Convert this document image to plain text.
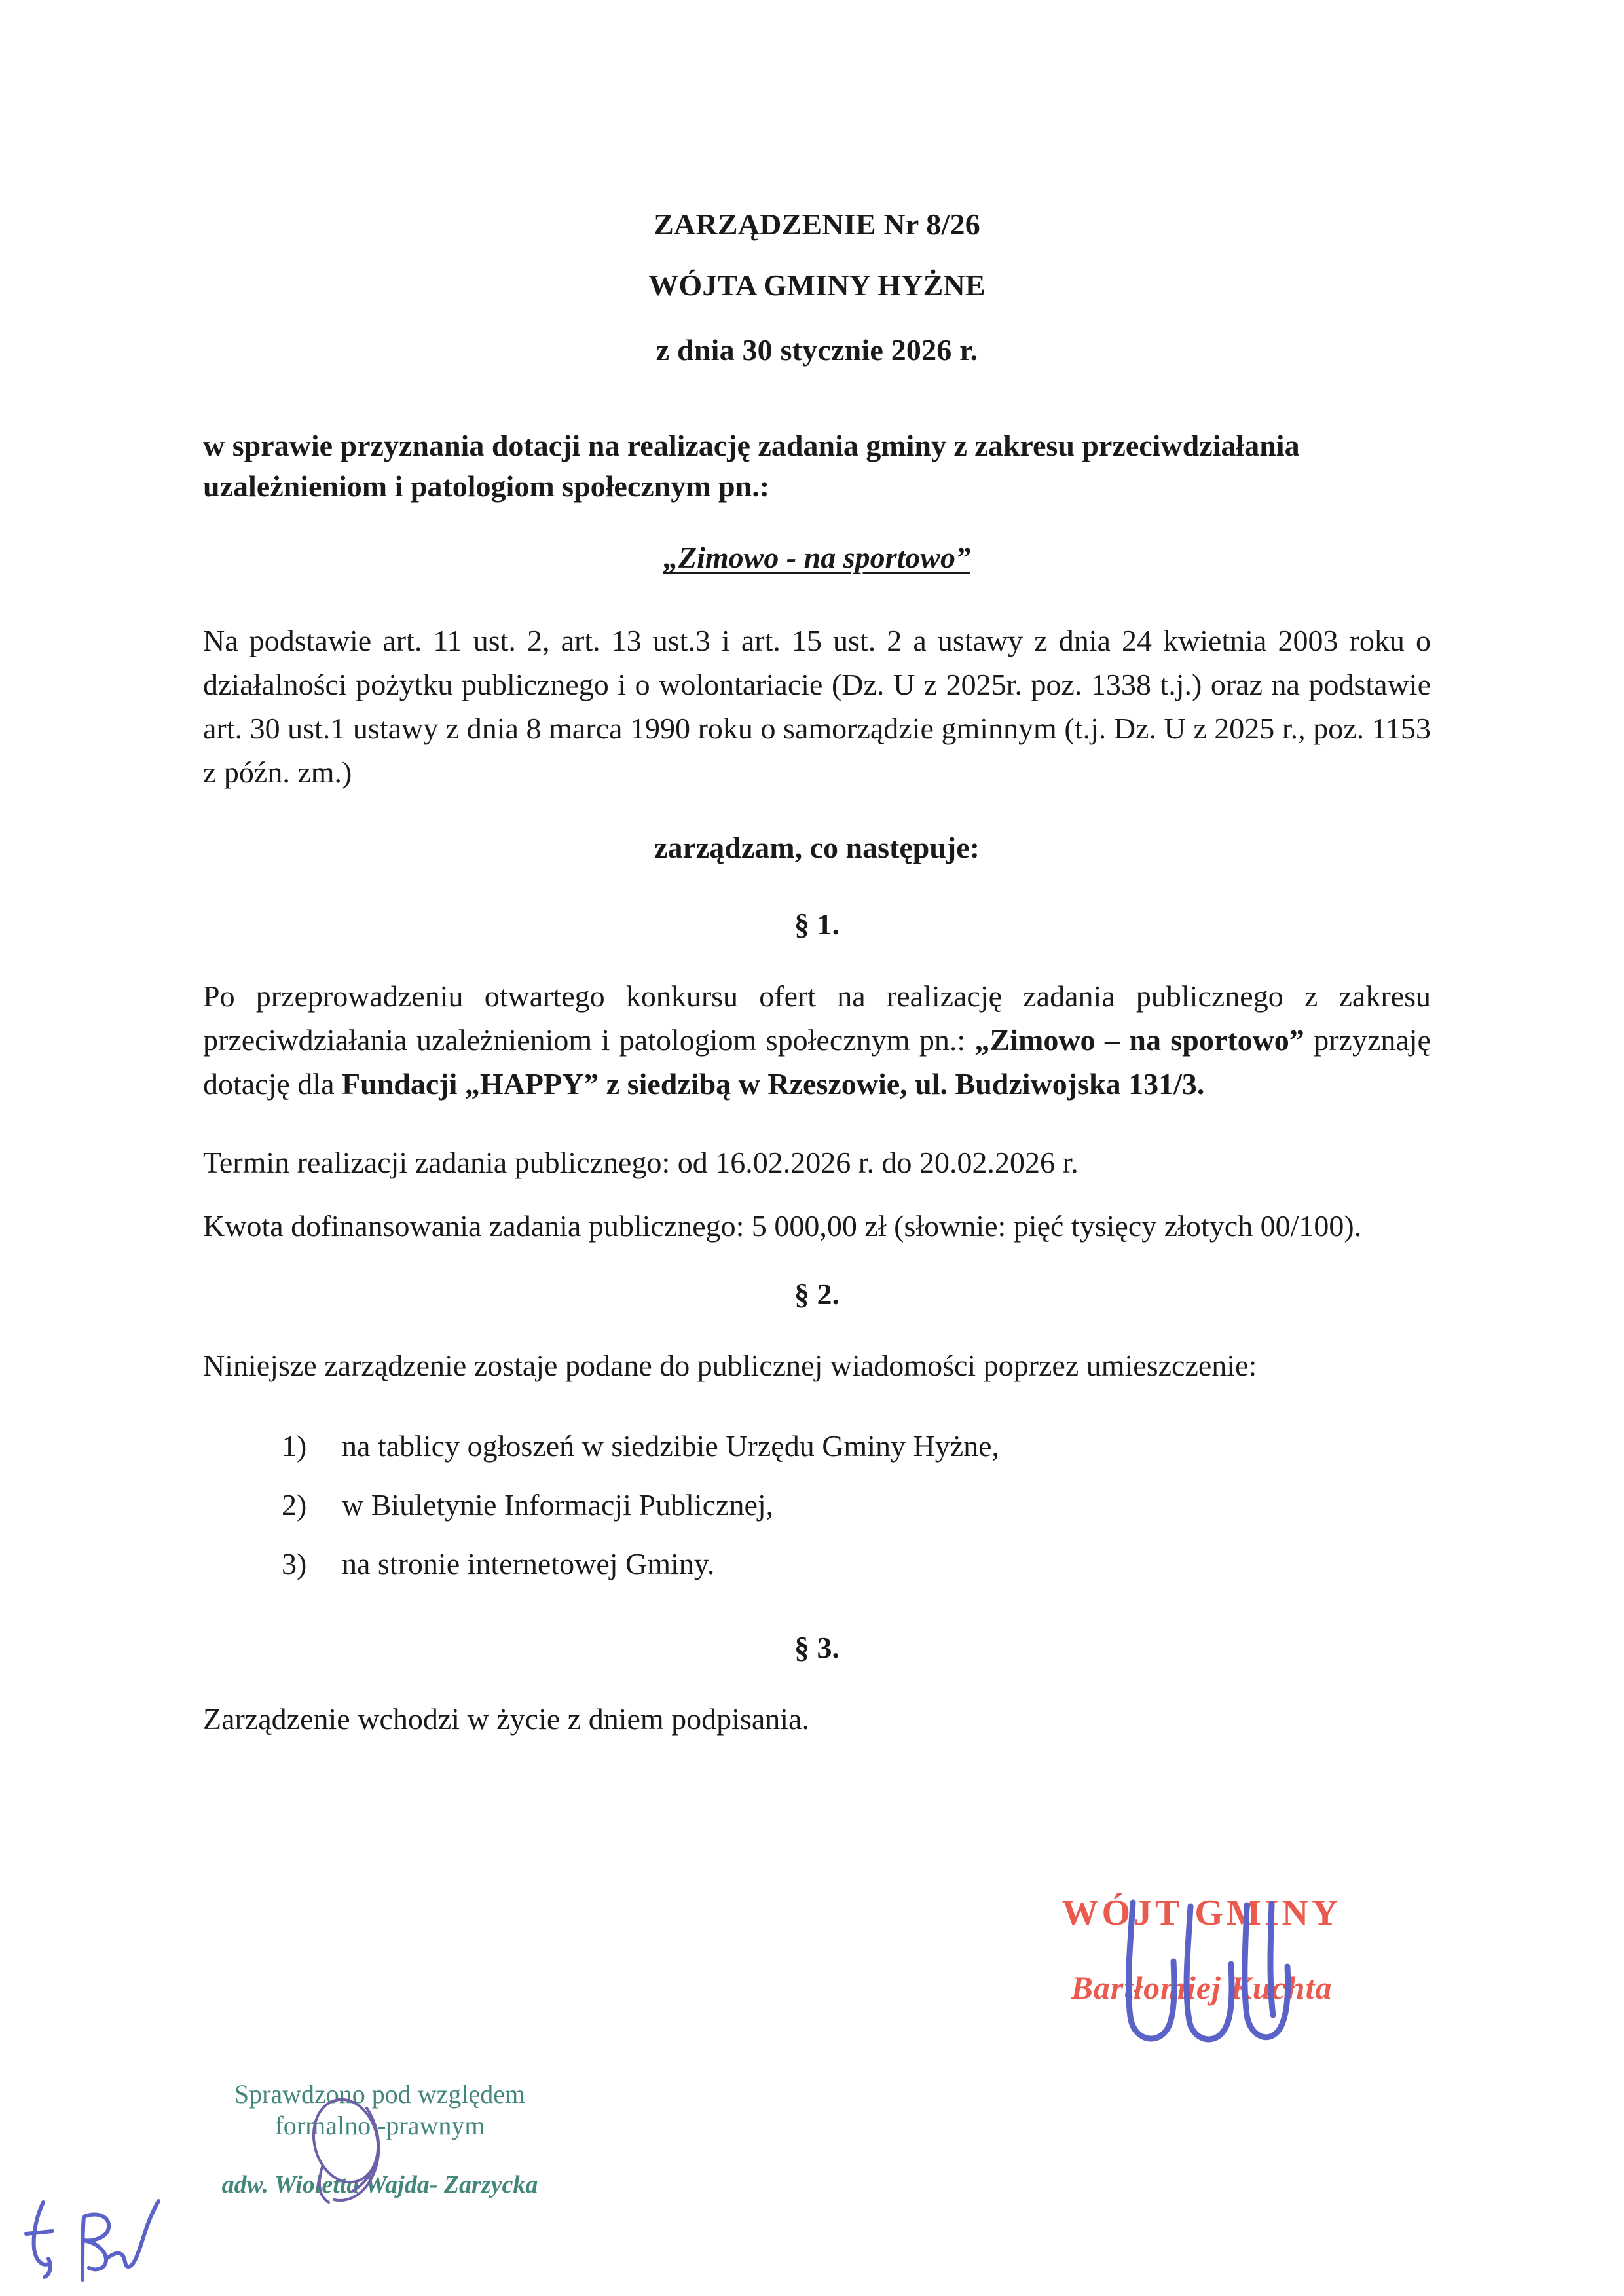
ZARZĄDZENIE Nr 8/26
WÓJTA GMINY HYŻNE
z dnia 30 stycznie 2026 r.
w sprawie przyznania dotacji na realizację zadania gminy z zakresu przeciwdziałania
uzależnieniom i patologiom społecznym pn.:
„Zimowo - na sportowo”
Na podstawie art. 11 ust. 2, art. 13 ust.3 i art. 15 ust. 2 a ustawy z dnia 24 kwietnia 2003 roku o działalności pożytku publicznego i o wolontariacie (Dz. U z 2025r. poz. 1338 t.j.) oraz na podstawie art. 30 ust.1 ustawy z dnia 8 marca 1990 roku o samorządzie gminnym (t.j. Dz. U z 2025 r., poz. 1153 z późn. zm.)
zarządzam, co następuje:
§ 1.
Po przeprowadzeniu otwartego konkursu ofert na realizację zadania publicznego z zakresu przeciwdziałania uzależnieniom i patologiom społecznym pn.: „Zimowo – na sportowo” przyznaję dotację dla Fundacji „HAPPY” z siedzibą w Rzeszowie, ul. Budziwojska 131/3.
Termin realizacji zadania publicznego: od 16.02.2026 r. do 20.02.2026 r.
Kwota dofinansowania zadania publicznego: 5 000,00 zł (słownie: pięć tysięcy złotych 00/100).
§ 2.
Niniejsze zarządzenie zostaje podane do publicznej wiadomości poprzez umieszczenie:
1)	na tablicy ogłoszeń w siedzibie Urzędu Gminy Hyżne,
2)	w Biuletynie Informacji Publicznej,
3)	na stronie internetowej Gminy.
§ 3.
Zarządzenie wchodzi w życie z dniem podpisania.
WÓJT GMINY
Bartłomiej Kuchta
Sprawdzono pod względem
formalno -prawnym
adw. Wioletta Wajda- Zarzycka
